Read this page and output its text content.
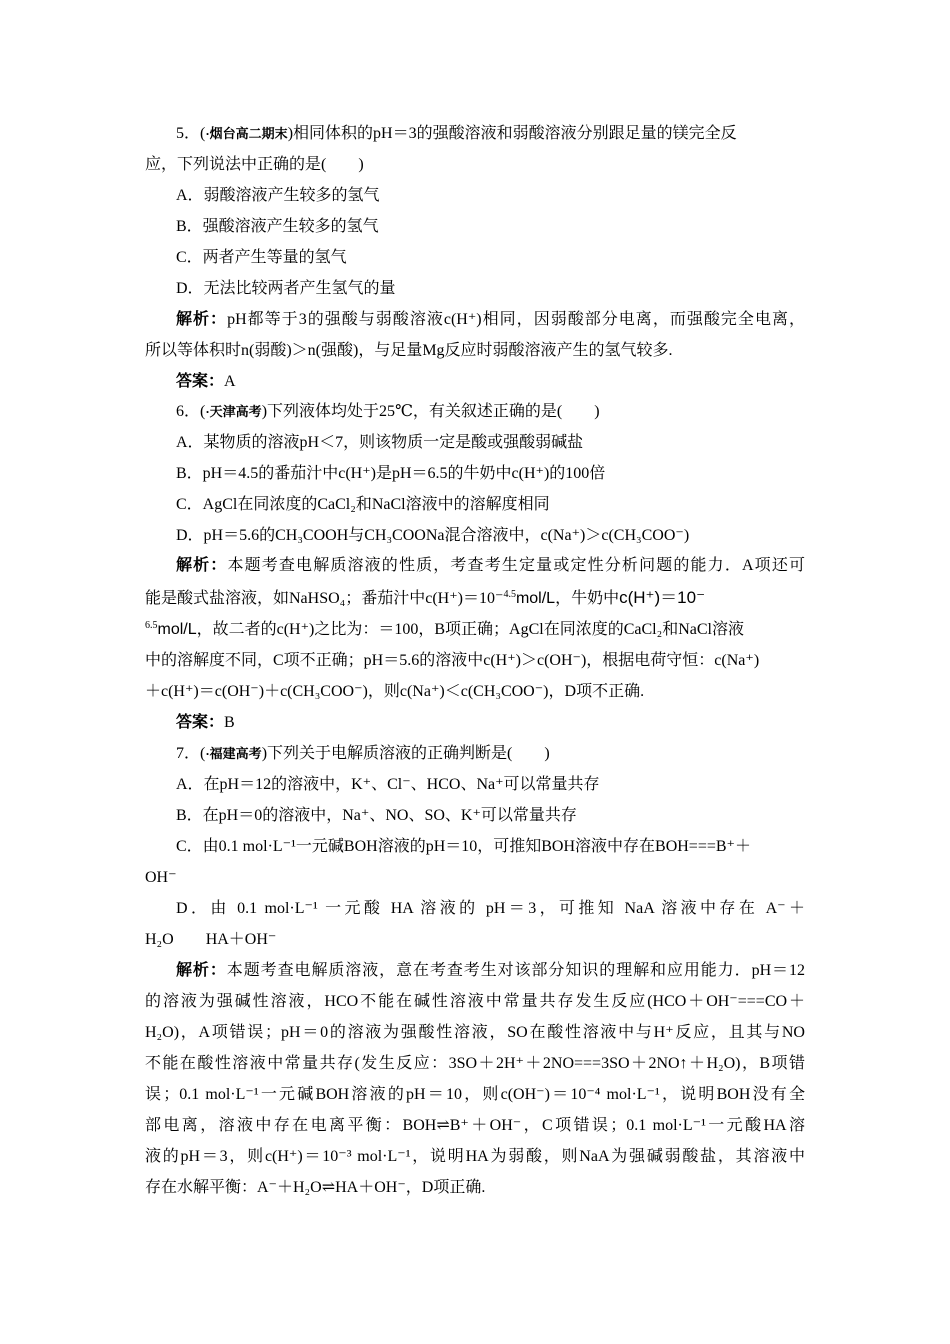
5．(·烟台高二期末)相同体积的pH＝3的强酸溶液和弱酸溶液分别跟足量的镁完全反
应，下列说法中正确的是(　　)
A．弱酸溶液产生较多的氢气
B．强酸溶液产生较多的氢气
C．两者产生等量的氢气
D．无法比较两者产生氢气的量
解析：pH都等于3的强酸与弱酸溶液c(H⁺)相同，因弱酸部分电离，而强酸完全电离，
所以等体积时n(弱酸)＞n(强酸)，与足量Mg反应时弱酸溶液产生的氢气较多.
答案：A
6．(·天津高考)下列液体均处于25℃，有关叙述正确的是(　　)
A．某物质的溶液pH＜7，则该物质一定是酸或强酸弱碱盐
B．pH＝4.5的番茄汁中c(H⁺)是pH＝6.5的牛奶中c(H⁺)的100倍
C．AgCl在同浓度的CaCl₂和NaCl溶液中的溶解度相同
D．pH＝5.6的CH₃COOH与CH₃COONa混合溶液中，c(Na⁺)＞c(CH₃COO⁻)
解析：本题考查电解质溶液的性质，考查考生定量或定性分析问题的能力．A项还可
能是酸式盐溶液，如NaHSO₄；番茄汁中c(H⁺)＝10⁻$^{4.5}$mol/L，牛奶中c(H⁺)＝10⁻
$^{6.5}$mol/L，故二者的c(H⁺)之比为：＝100，B项正确；AgCl在同浓度的CaCl₂和NaCl溶液
中的溶解度不同，C项不正确；pH＝5.6的溶液中c(H⁺)＞c(OH⁻)，根据电荷守恒：c(Na⁺)
＋c(H⁺)＝c(OH⁻)＋c(CH₃COO⁻)，则c(Na⁺)＜c(CH₃COO⁻)，D项不正确.
答案：B
7．(·福建高考)下列关于电解质溶液的正确判断是(　　)
A．在pH＝12的溶液中，K⁺、Cl⁻、HCO、Na⁺可以常量共存
B．在pH＝0的溶液中，Na⁺、NO、SO、K⁺可以常量共存
C．由0.1 mol·L⁻¹一元碱BOH溶液的pH＝10，可推知BOH溶液中存在BOH===B⁺＋
OH⁻
D．由 0.1 mol·L⁻¹ 一元酸 HA 溶液的 pH＝3，可推知 NaA 溶液中存在 A⁻＋
H₂O　　HA＋OH⁻
解析：本题考查电解质溶液，意在考查考生对该部分知识的理解和应用能力．pH＝12
的溶液为强碱性溶液，HCO不能在碱性溶液中常量共存发生反应(HCO＋OH⁻===CO＋
H₂O)，A项错误；pH＝0的溶液为强酸性溶液，SO在酸性溶液中与H⁺反应，且其与NO
不能在酸性溶液中常量共存(发生反应：3SO＋2H⁺＋2NO===3SO＋2NO↑＋H₂O)，B项错
误；0.1 mol·L⁻¹一元碱BOH溶液的pH＝10，则c(OH⁻)＝10⁻⁴ mol·L⁻¹，说明BOH没有全
部电离，溶液中存在电离平衡：BOH⇌B⁺＋OH⁻，C项错误；0.1 mol·L⁻¹一元酸HA溶
液的pH＝3，则c(H⁺)＝10⁻³ mol·L⁻¹，说明HA为弱酸，则NaA为强碱弱酸盐，其溶液中
存在水解平衡：A⁻＋H₂O⇌HA＋OH⁻，D项正确.
